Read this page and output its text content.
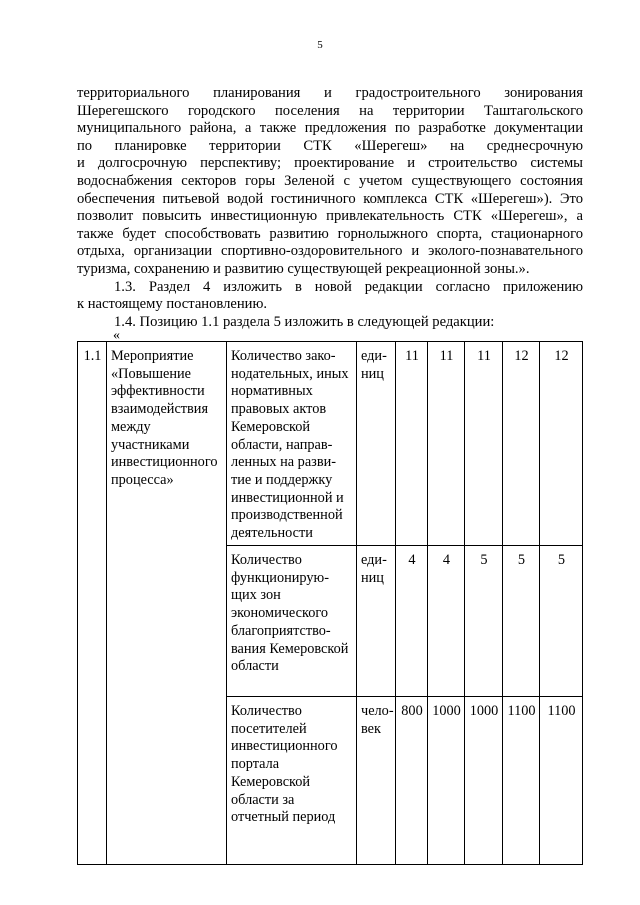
5
территориального планирования и градостроительного зонирования
Шерегешского городского поселения на территории Таштагольского
муниципального района, а также предложения по разработке документации
по планировке территории СТК «Шерегеш» на среднесрочную
и долгосрочную перспективу; проектирование и строительство системы
водоснабжения секторов горы Зеленой с учетом существующего состояния
обеспечения питьевой водой гостиничного комплекса СТК «Шерегеш»). Это
позволит повысить инвестиционную привлекательность СТК «Шерегеш», а
также будет способствовать развитию горнолыжного спорта, стационарного
отдыха, организации спортивно-оздоровительного и эколого-познавательного
туризма, сохранению и развитию существующей рекреационной зоны.».
1.3. Раздел 4 изложить в новой редакции согласно приложению
к настоящему постановлению.
1.4. Позицию 1.1 раздела 5 изложить в следующей редакции:
«
1.1	Мероприятие «Повышение эффективности взаимодействия между участниками инвестиционного процесса»	Количество зако-нодательных, иных нормативных правовых актов Кемеровской области, направ-ленных на разви-тие и поддержку инвестиционной и производственной деятельности	еди-ниц	11	11	11	12	12
		Количество функционирую-щих зон экономического благоприятство-вания Кемеровской области	еди-ниц	4	4	5	5	5
		Количество посетителей инвестиционного портала Кемеровской области за отчетный период	чело-век	800	1000	1000	1100	1100
